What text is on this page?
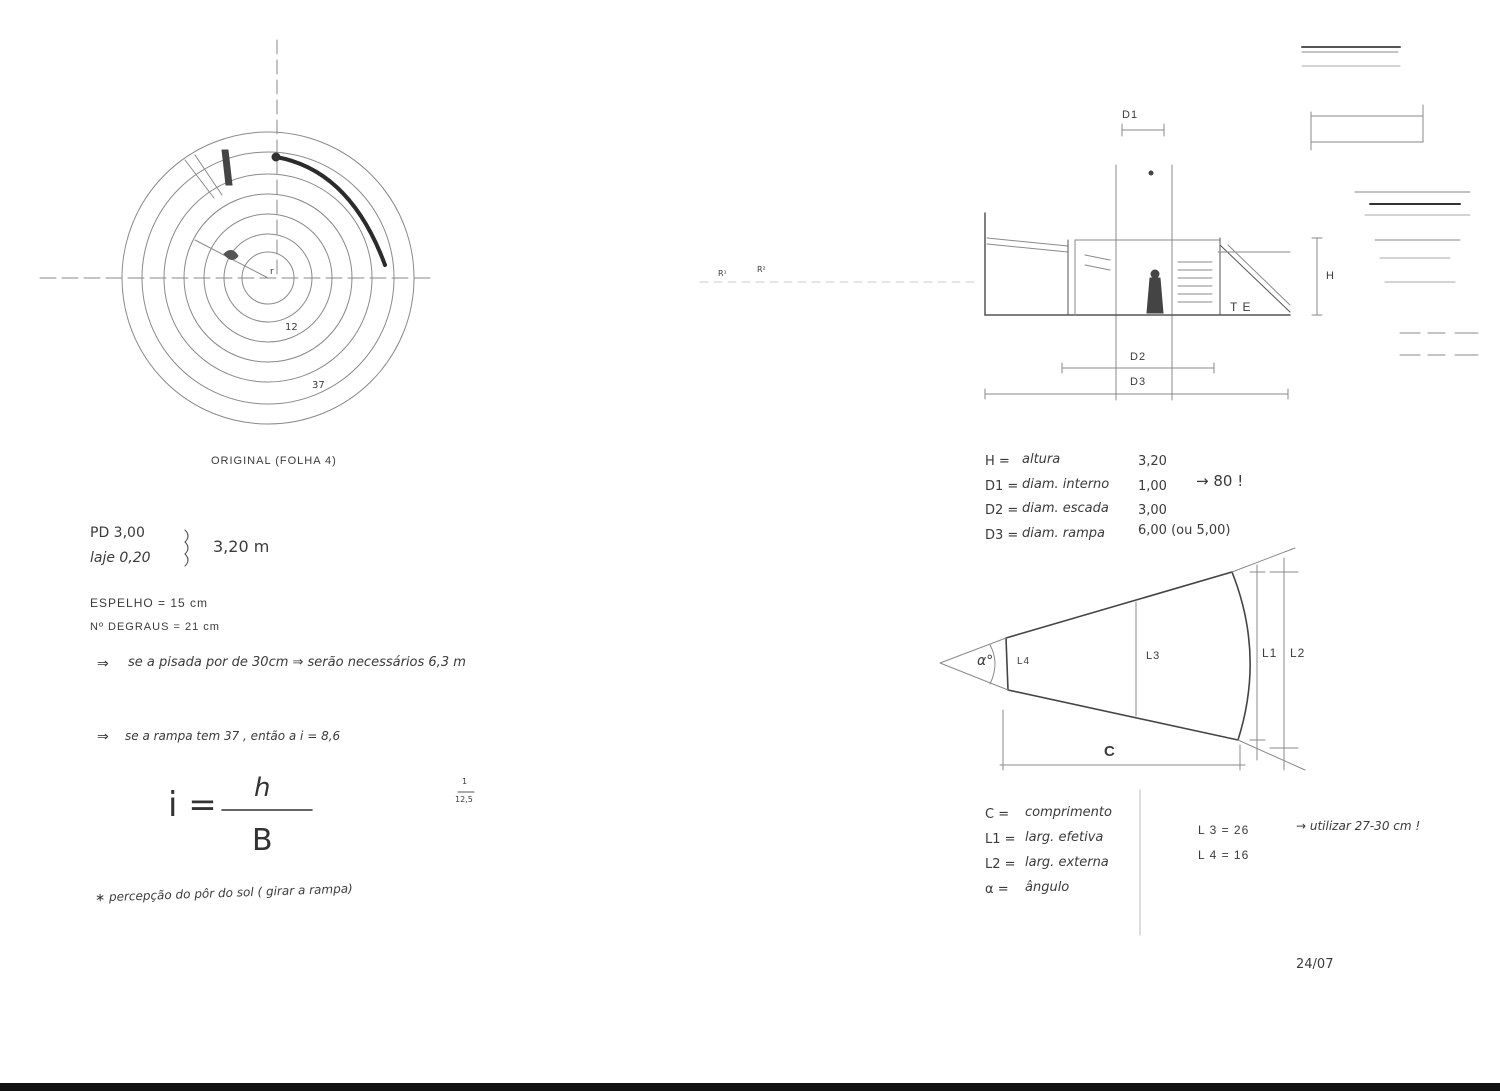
r
12
37
ORIGINAL (FOLHA 4)
PD 3,00
laje 0,20
3,20 m
ESPELHO = 15 cm
Nº DEGRAUS = 21 cm
⇒ se a pisada por de 30cm ⇒ serão necessários 6,3 m
⇒ se a rampa tem 37 , então a i = 8,6
i = h
B
1
12,5
∗ percepção do pôr do sol ( girar a rampa)
D1
R¹	R²
H
T E
D2
D3
H = altura	3,20
D1 = diam. interno 1,00 → 80 !
D2 = diam. escada 3,00
D3 = diam. rampa	6,00 (ou 5,00)
α° L4	L3	L1 L2
C
C = comprimento
L1 = larg. efetiva
L2 = larg. externa
α = ângulo
L 3 = 26
L 4 = 16
→ utilizar 27-30 cm !
24/07
